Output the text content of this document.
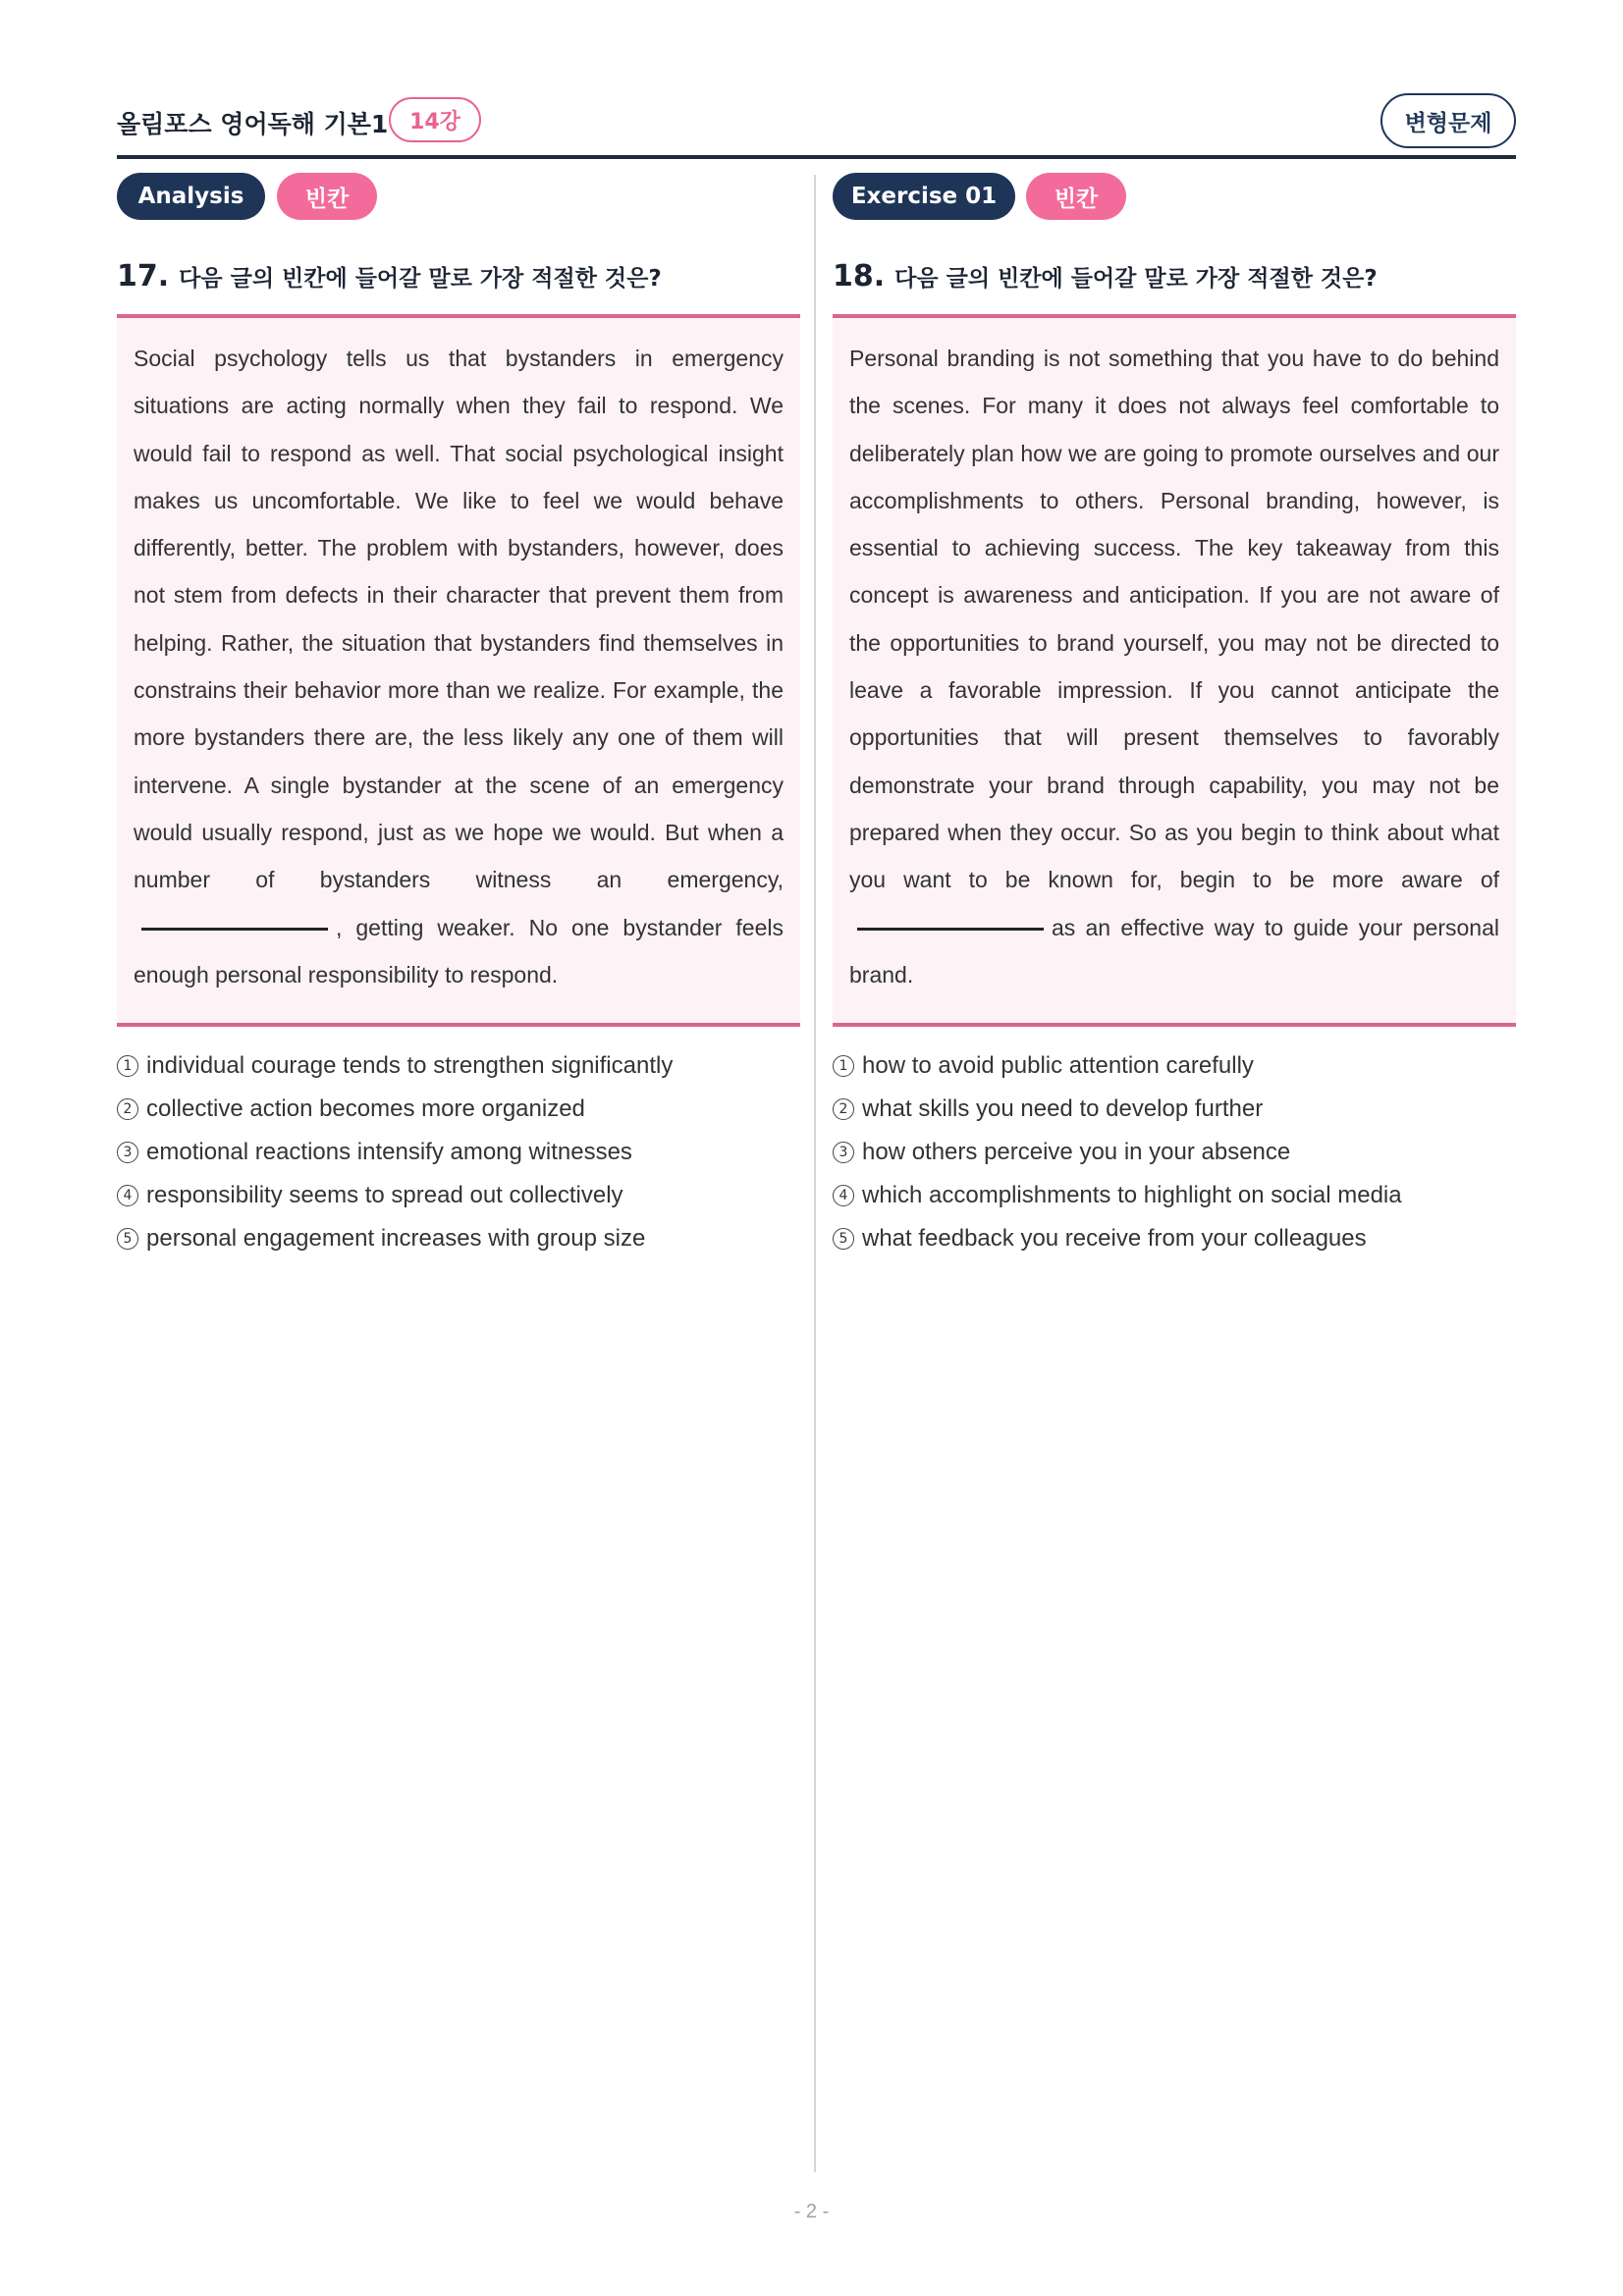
올림포스 영어독해 기본1 14강	변형문제
Analysis	빈칸
17. 다음 글의 빈칸에 들어갈 말로 가장 적절한 것은?
Social psychology tells us that bystanders in emergency situations are acting normally when they fail to respond. We would fail to respond as well. That social psychological insight makes us uncomfortable. We like to feel we would behave differently, better. The problem with bystanders, however, does not stem from defects in their character that prevent them from helping. Rather, the situation that bystanders find themselves in constrains their behavior more than we realize. For example, the more bystanders there are, the less likely any one of them will intervene. A single bystander at the scene of an emergency would usually respond, just as we hope we would. But when a number of bystanders witness an emergency, , getting weaker. No one bystander feels enough personal responsibility to respond.
1 individual courage tends to strengthen significantly
2 collective action becomes more organized
3 emotional reactions intensify among witnesses
4 responsibility seems to spread out collectively
5 personal engagement increases with group size
Exercise 01	빈칸
18. 다음 글의 빈칸에 들어갈 말로 가장 적절한 것은?
Personal branding is not something that you have to do behind the scenes. For many it does not always feel comfortable to deliberately plan how we are going to promote ourselves and our accomplishments to others. Personal branding, however, is essential to achieving success. The key takeaway from this concept is awareness and anticipation. If you are not aware of the opportunities to brand yourself, you may not be directed to leave a favorable impression. If you cannot anticipate the opportunities that will present themselves to favorably demonstrate your brand through capability, you may not be prepared when they occur. So as you begin to think about what you want to be known for, begin to be more aware of as an effective way to guide your personal brand.
1 how to avoid public attention carefully
2 what skills you need to develop further
3 how others perceive you in your absence
4 which accomplishments to highlight on social media
5 what feedback you receive from your colleagues
- 2 -
